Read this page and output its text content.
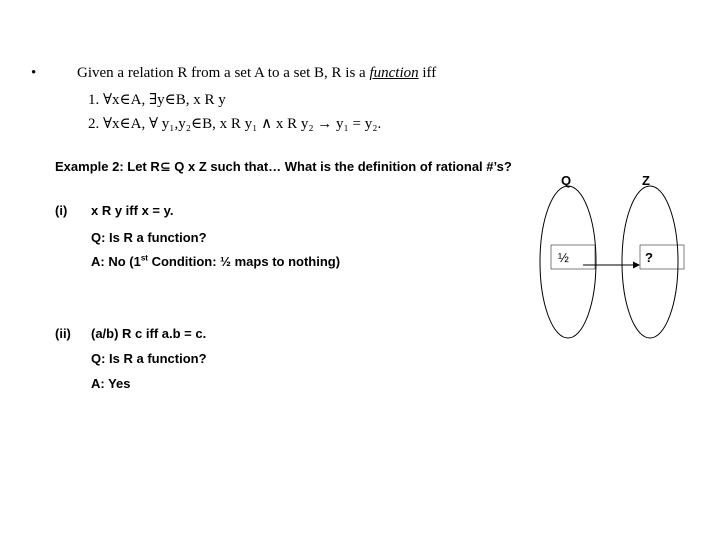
•	Given a relation R from a set A to a set B, R is a function iff
1. ∀x∈A, ∃y∈B, x R y
2. ∀x∈A, ∀ y₁,y₂∈B, x R y₁ ∧ x R y₂ → y₁ = y₂.
Example 2: Let R⊆ Q x Z such that… What is the definition of rational #’s?
(i) x R y iff x = y.
Q: Is R a function?
A: No (1st Condition: ½ maps to nothing)
(ii) (a/b) R c iff a.b = c.
Q: Is R a function?
A: Yes
Q	Z
½	?
